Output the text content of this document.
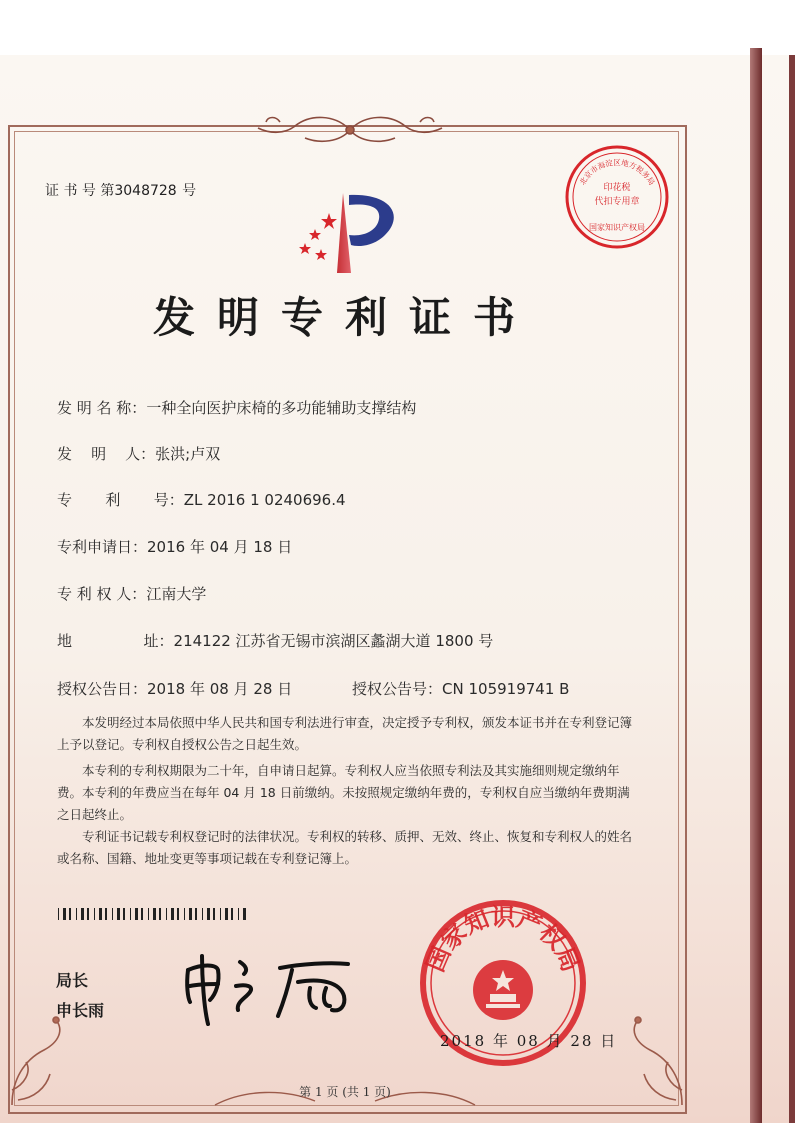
证 书 号 第3048728 号	印花税
代扣专用章
北京市海淀区地方税务局
国家知识产权局
发明专利证书
发 明 名 称：一种全向医护床椅的多功能辅助支撑结构
发    明    人：张洪;卢双
专       利       号：ZL 2016 1 0240696.4
专利申请日：2016 年 04 月 18 日
专 利 权 人：江南大学
地               址：214122 江苏省无锡市滨湖区蠡湖大道 1800 号
授权公告日：2018 年 08 月 28 日	授权公告号：CN 105919741 B
本发明经过本局依照中华人民共和国专利法进行审查，决定授予专利权，颁发本证书并在专利登记簿上予以登记。专利权自授权公告之日起生效。
本专利的专利权期限为二十年，自申请日起算。专利权人应当依照专利法及其实施细则规定缴纳年费。本专利的年费应当在每年 04 月 18 日前缴纳。未按照规定缴纳年费的，专利权自应当缴纳年费期满之日起终止。
专利证书记载专利权登记时的法律状况。专利权的转移、质押、无效、终止、恢复和专利权人的姓名或名称、国籍、地址变更等事项记载在专利登记簿上。
局长
申长雨
国家知识产权局
2018 年 08 月 28 日
第 1 页 (共 1 页)
